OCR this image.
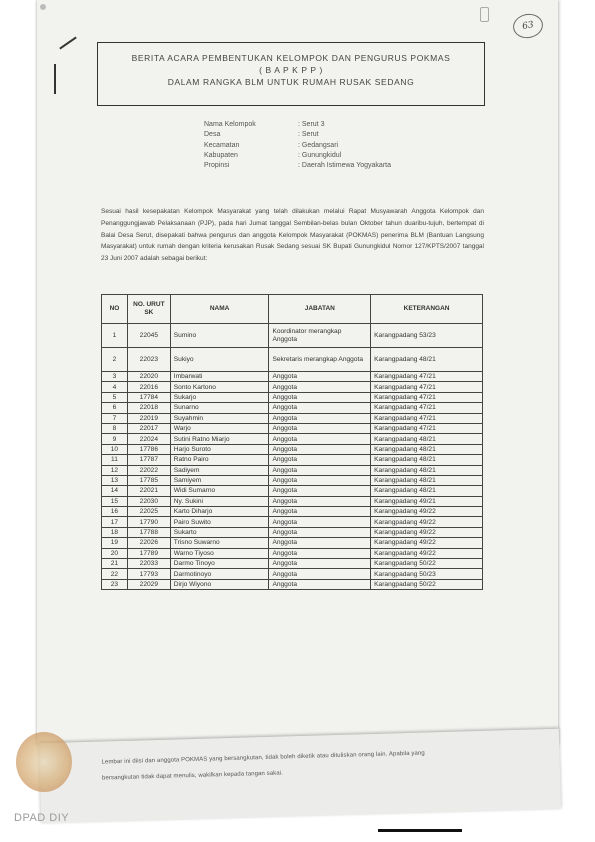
63
BERITA ACARA PEMBENTUKAN KELOMPOK DAN PENGURUS POKMAS
( B A P K P P )
DALAM RANGKA BLM UNTUK RUMAH RUSAK SEDANG
Nama Kelompok	: Serut 3
Desa	: Serut
Kecamatan	: Gedangsari
Kabupaten	: Gunungkidul
Propinsi	: Daerah Istimewa Yogyakarta
Sesuai hasil kesepakatan Kelompok Masyarakat yang telah dilakukan melalui Rapat Musyawarah Anggota Kelompok dan Penanggungjawab Pelaksanaan (PJP), pada hari Jumat tanggal Sembilan-belas bulan Oktober tahun duaribu-tujuh, bertempat di Balai Desa Serut, disepakati bahwa pengurus dan anggota Kelompok Masyarakat (POKMAS) penerima BLM (Bantuan Langsung Masyarakat) untuk rumah dengan kriteria kerusakan Rusak Sedang sesuai SK Bupati Gunungkidul Nomor 127/KPTS/2007 tanggal 23 Juni 2007 adalah sebagai berikut:
NO	NO. URUT SK	NAMA	JABATAN	KETERANGAN
1	22045	Sumino	Koordinator merangkap Anggota	Karangpadang 53/23
2	22023	Sukiyo	Sekretaris merangkap Anggota	Karangpadang 48/21
3	22020	Imbarwati	Anggota	Karangpadang 47/21
4	22016	Sonto Kartono	Anggota	Karangpadang 47/21
5	17784	Sukarjo	Anggota	Karangpadang 47/21
6	22018	Sunarno	Anggota	Karangpadang 47/21
7	22019	Suyahmin	Anggota	Karangpadang 47/21
8	22017	Warjo	Anggota	Karangpadang 47/21
9	22024	Sutini Ratno Miarjo	Anggota	Karangpadang 48/21
10	17786	Harjo Suroto	Anggota	Karangpadang 48/21
11	17787	Ratno Pairo	Anggota	Karangpadang 48/21
12	22022	Sadiyem	Anggota	Karangpadang 48/21
13	17785	Samiyem	Anggota	Karangpadang 48/21
14	22021	Widi Sumarno	Anggota	Karangpadang 48/21
15	22030	Ny. Sukini	Anggota	Karangpadang 49/21
16	22025	Karto Diharjo	Anggota	Karangpadang 49/22
17	17790	Pairo Suwito	Anggota	Karangpadang 49/22
18	17788	Sukarto	Anggota	Karangpadang 49/22
19	22026	Trisno Suwarno	Anggota	Karangpadang 49/22
20	17789	Warno Tiyoso	Anggota	Karangpadang 49/22
21	22033	Darmo Tinoyo	Anggota	Karangpadang 50/22
22	17793	Darmotinoyo	Anggota	Karangpadang 50/23
23	22029	Dirjo Wiyono	Anggota	Karangpadang 50/22
Lembar ini diisi dan anggota POKMAS yang bersangkutan, tidak boleh diketik atau dituliskan orang lain. Apabila yang
bersangkutan tidak dapat menulis, wakilkan kepada tangan sakai.
DPAD DIY
